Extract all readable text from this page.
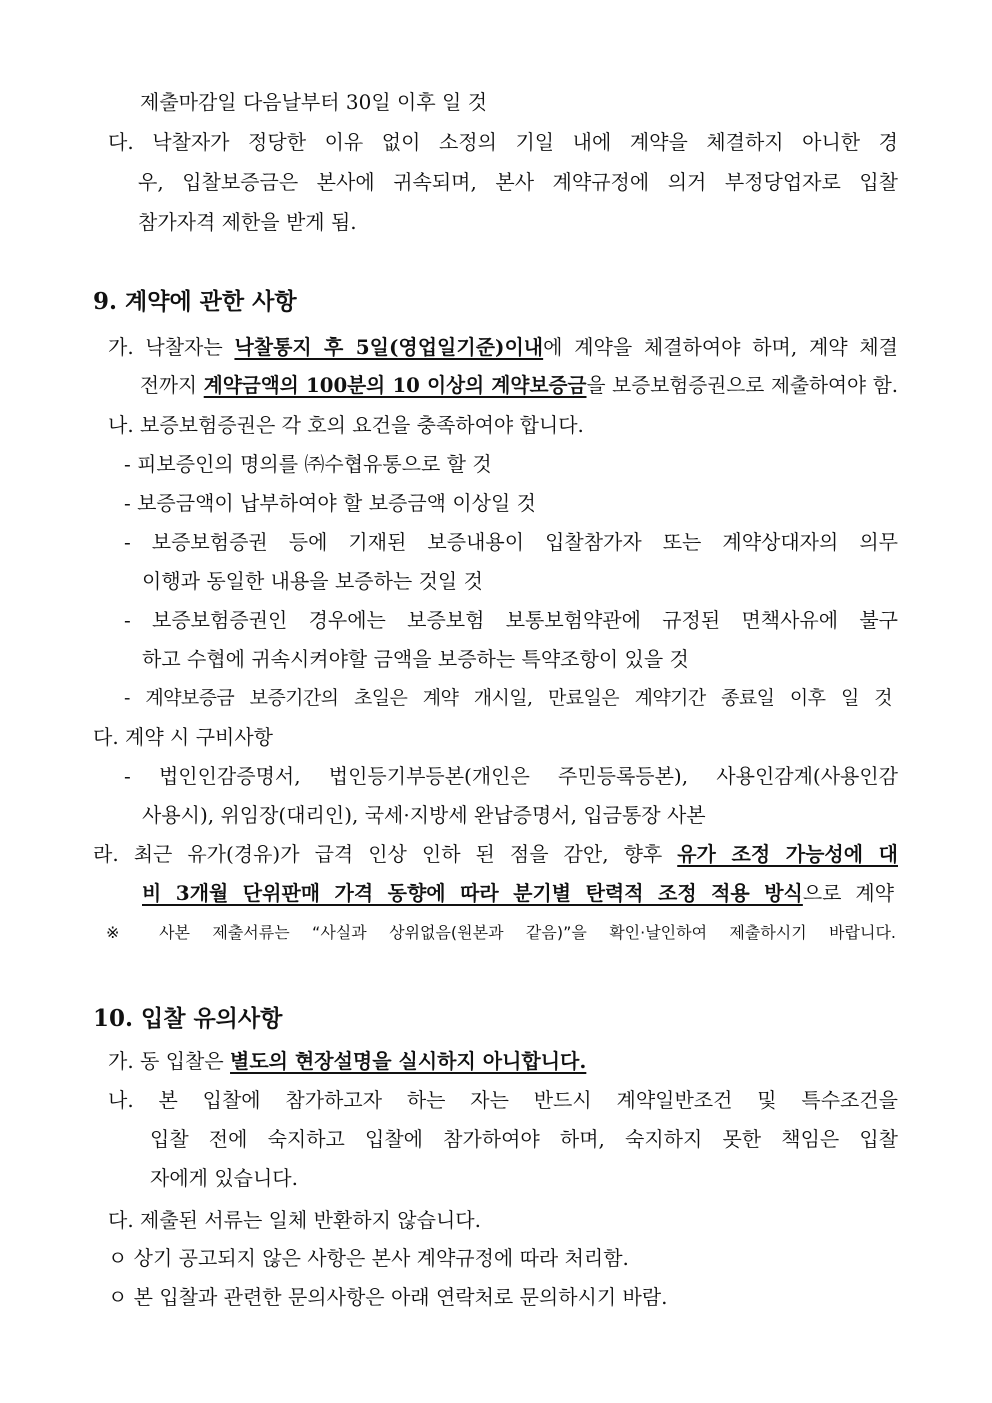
제출마감일 다음날부터 30일 이후 일 것
다. 낙찰자가 정당한 이유 없이 소정의 기일 내에 계약을 체결하지 아니한 경
우, 입찰보증금은 본사에 귀속되며, 본사 계약규정에 의거 부정당업자로 입찰
참가자격 제한을 받게 됨.
9. 계약에 관한 사항
가. 낙찰자는 낙찰통지 후 5일(영업일기준)이내에 계약을 체결하여야 하며, 계약 체결
전까지 계약금액의 100분의 10 이상의 계약보증금을 보증보험증권으로 제출하여야 함.
나. 보증보험증권은 각 호의 요건을 충족하여야 합니다.
- 피보증인의 명의를 ㈜수협유통으로 할 것
- 보증금액이 납부하여야 할 보증금액 이상일 것
- 보증보험증권 등에 기재된 보증내용이 입찰참가자 또는 계약상대자의 의무
이행과 동일한 내용을 보증하는 것일 것
- 보증보험증권인 경우에는 보증보험 보통보험약관에 규정된 면책사유에 불구
하고 수협에 귀속시켜야할 금액을 보증하는 특약조항이 있을 것
- 계약보증금 보증기간의 초일은 계약 개시일, 만료일은 계약기간 종료일 이후 일 것
다. 계약 시 구비사항
- 법인인감증명서, 법인등기부등본(개인은 주민등록등본), 사용인감계(사용인감
사용시), 위임장(대리인), 국세·지방세 완납증명서, 입금통장 사본
라. 최근 유가(경유)가 급격 인상 인하 된 점을 감안, 향후 유가 조정 가능성에 대
비 3개월 단위판매 가격 동향에 따라 분기별 탄력적 조정 적용 방식으로 계약
※ 사본 제출서류는 “사실과 상위없음(원본과 같음)”을 확인·날인하여 제출하시기 바랍니다.
10. 입찰 유의사항
가. 동 입찰은 별도의 현장설명을 실시하지 아니합니다.
나. 본 입찰에 참가하고자 하는 자는 반드시 계약일반조건 및 특수조건을
입찰 전에 숙지하고 입찰에 참가하여야 하며, 숙지하지 못한 책임은 입찰
자에게 있습니다.
다. 제출된 서류는 일체 반환하지 않습니다.
ㅇ 상기 공고되지 않은 사항은 본사 계약규정에 따라 처리함.
ㅇ 본 입찰과 관련한 문의사항은 아래 연락처로 문의하시기 바람.
